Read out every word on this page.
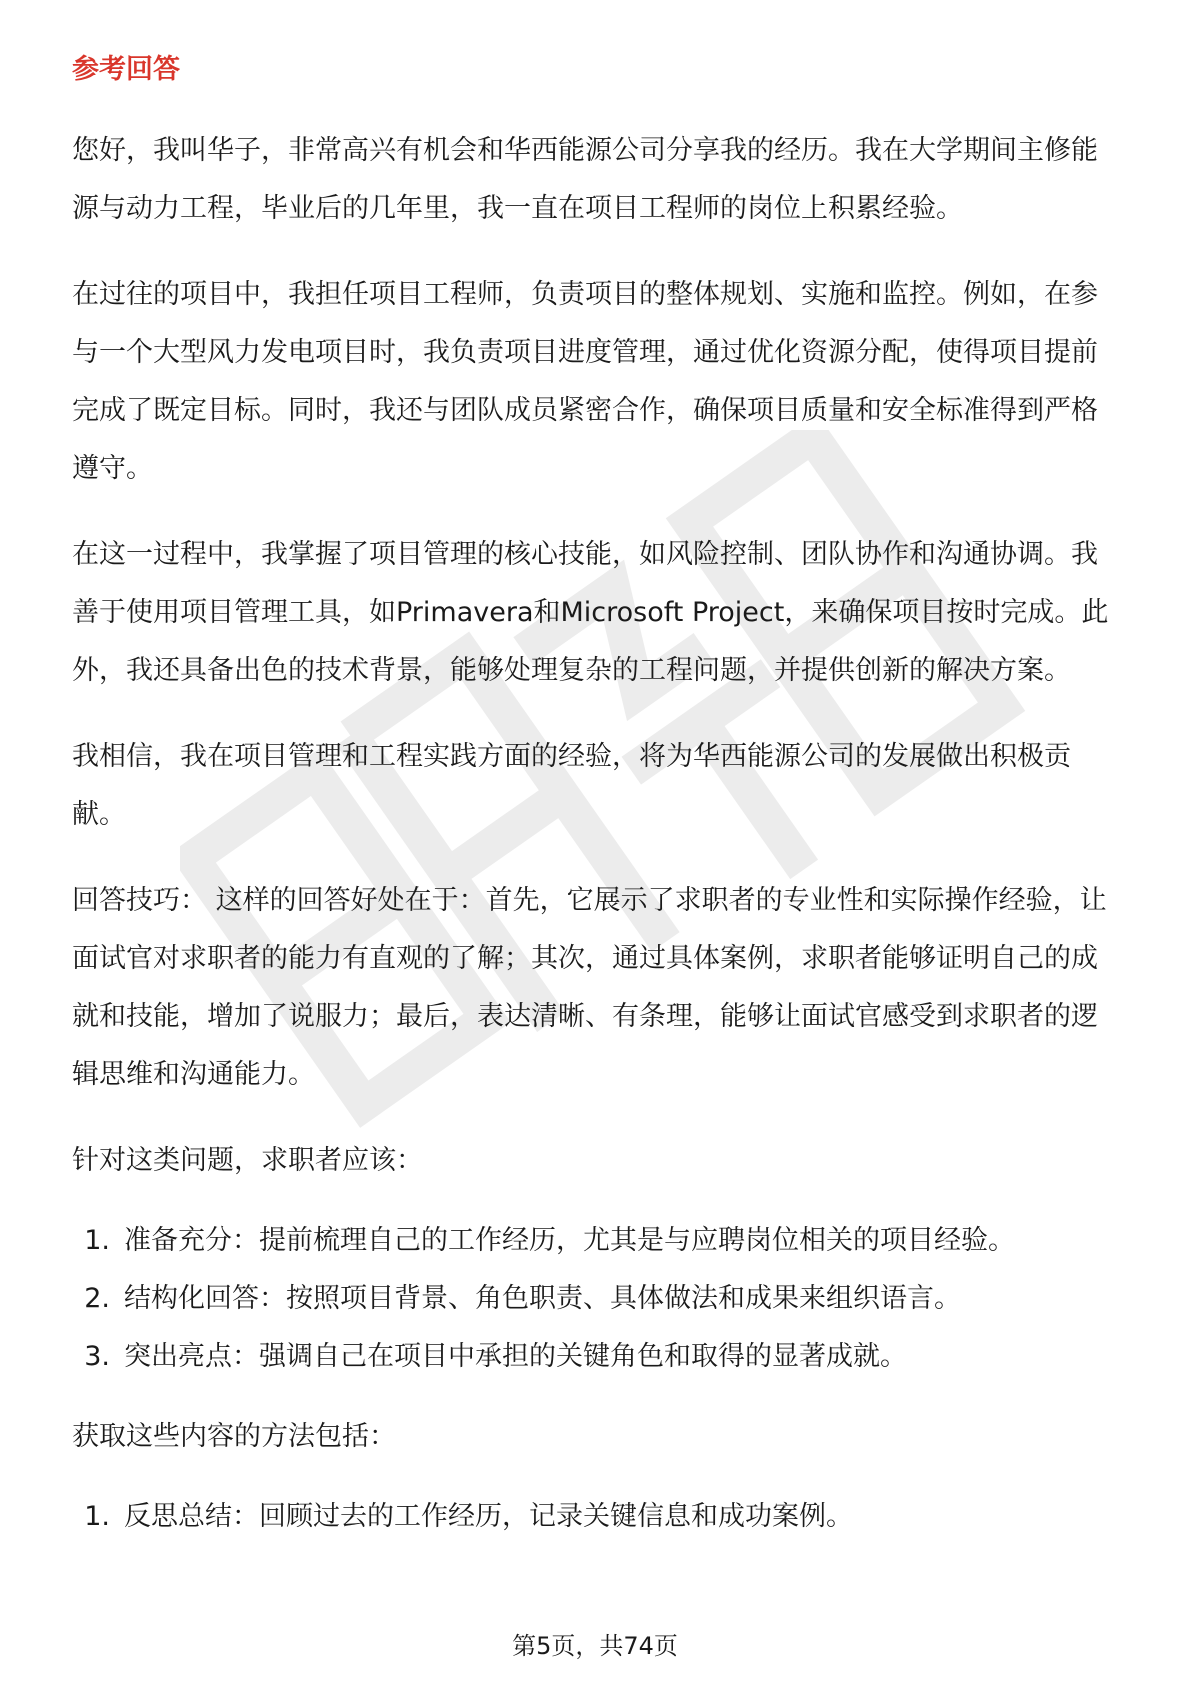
参考回答

您好，我叫华子，非常高兴有机会和华西能源公司分享我的经历。我在大学期间主修能源与动力工程，毕业后的几年里，我一直在项目工程师的岗位上积累经验。

在过往的项目中，我担任项目工程师，负责项目的整体规划、实施和监控。例如，在参与一个大型风力发电项目时，我负责项目进度管理，通过优化资源分配，使得项目提前完成了既定目标。同时，我还与团队成员紧密合作，确保项目质量和安全标准得到严格遵守。

在这一过程中，我掌握了项目管理的核心技能，如风险控制、团队协作和沟通协调。我善于使用项目管理工具，如Primavera和Microsoft Project，来确保项目按时完成。此外，我还具备出色的技术背景，能够处理复杂的工程问题，并提供创新的解决方案。

我相信，我在项目管理和工程实践方面的经验，将为华西能源公司的发展做出积极贡献。

回答技巧： 这样的回答好处在于：首先，它展示了求职者的专业性和实际操作经验，让面试官对求职者的能力有直观的了解；其次，通过具体案例，求职者能够证明自己的成就和技能，增加了说服力；最后，表达清晰、有条理，能够让面试官感受到求职者的逻辑思维和沟通能力。

针对这类问题，求职者应该：

1. 准备充分：提前梳理自己的工作经历，尤其是与应聘岗位相关的项目经验。
2. 结构化回答：按照项目背景、角色职责、具体做法和成果来组织语言。
3. 突出亮点：强调自己在项目中承担的关键角色和取得的显著成就。

获取这些内容的方法包括：

1. 反思总结：回顾过去的工作经历，记录关键信息和成功案例。
第5页，共74页
